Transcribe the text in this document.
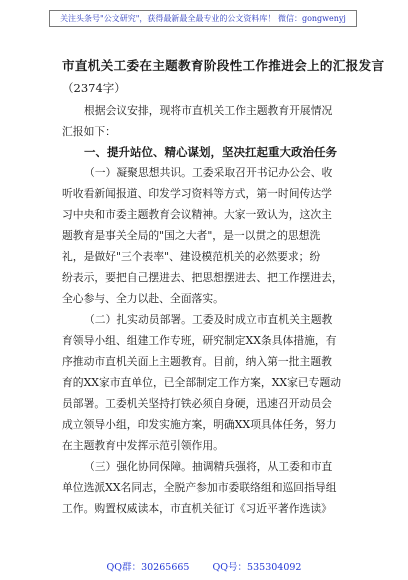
关注头条号"公文研究"，获得最新最全最专业的公文资料库！ 微信：gongwenyj
市直机关工委在主题教育阶段性工作推进会上的汇报发言
（2374字）
根据会议安排，现将市直机关工作主题教育开展情况
汇报如下：
一、提升站位、精心谋划，坚决扛起重大政治任务
（一）凝聚思想共识。工委采取召开书记办公会、收
听收看新闻报道、印发学习资料等方式，第一时间传达学
习中央和市委主题教育会议精神。大家一致认为，这次主
题教育是事关全局的"国之大者"，是一以贯之的思想洗
礼，是做好"三个表率"、建设模范机关的必然要求；纷
纷表示，要把自己摆进去、把思想摆进去、把工作摆进去，
全心参与、全力以赴、全面落实。
（二）扎实动员部署。工委及时成立市直机关主题教
育领导小组、组建工作专班，研究制定XX条具体措施，有
序推动市直机关面上主题教育。目前，纳入第一批主题教
育的XX家市直单位，已全部制定工作方案，XX家已专题动
员部署。工委机关坚持打铁必须自身硬，迅速召开动员会
成立领导小组，印发实施方案，明确XX项具体任务，努力
在主题教育中发挥示范引领作用。
（三）强化协同保障。抽调精兵强将，从工委和市直
单位选派XX名同志，全脱产参加市委联络组和巡回指导组
工作。购置权威读本，市直机关征订《习近平著作选读》
QQ群：30265665 QQ号：535304092
